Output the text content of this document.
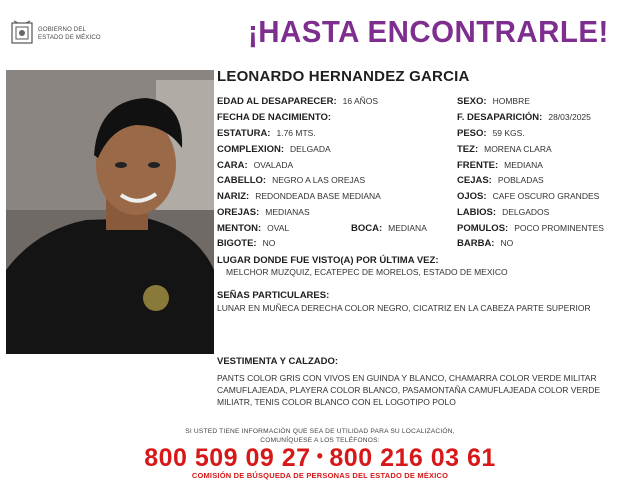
GOBIERNO DEL
ESTADO DE MÉXICO	¡HASTA ENCONTRARLE!
LEONARDO HERNANDEZ GARCIA
EDAD AL DESAPARECER: 16 AÑOS
FECHA DE NACIMIENTO:
ESTATURA: 1.76 MTS.
COMPLEXION: DELGADA
CARA: OVALADA
CABELLO: NEGRO A LAS OREJAS
NARIZ: REDONDEADA BASE MEDIANA
OREJAS: MEDIANAS
MENTON: OVAL	BOCA: MEDIANA
BIGOTE: NO
SEXO: HOMBRE
F. DESAPARICIÓN: 28/03/2025
PESO: 59 KGS.
TEZ: MORENA CLARA
FRENTE: MEDIANA
CEJAS: POBLADAS
OJOS: CAFE OSCURO GRANDES
LABIOS: DELGADOS
POMULOS: POCO PROMINENTES
BARBA: NO
LUGAR DONDE FUE VISTO(A) POR ÚLTIMA VEZ:
MELCHOR MUZQUIZ, ECATEPEC DE MORELOS, ESTADO DE MEXICO
SEÑAS PARTICULARES:
LUNAR EN MUÑECA DERECHA COLOR NEGRO, CICATRIZ EN LA CABEZA PARTE SUPERIOR
VESTIMENTA Y CALZADO:
PANTS COLOR GRIS CON VIVOS EN GUINDA Y BLANCO, CHAMARRA COLOR VERDE MILITAR CAMUFLAJEADA, PLAYERA COLOR BLANCO, PASAMONTAÑA CAMUFLAJEADA COLOR VERDE MILIATR, TENIS COLOR BLANCO CON EL LOGOTIPO POLO
SI USTED TIENE INFORMACIÓN QUE SEA DE UTILIDAD PARA SU LOCALIZACIÓN,
COMUNÍQUESE A LOS TELÉFONOS:
800 509 09 27 • 800 216 03 61
COMISIÓN DE BÚSQUEDA DE PERSONAS DEL ESTADO DE MÉXICO
